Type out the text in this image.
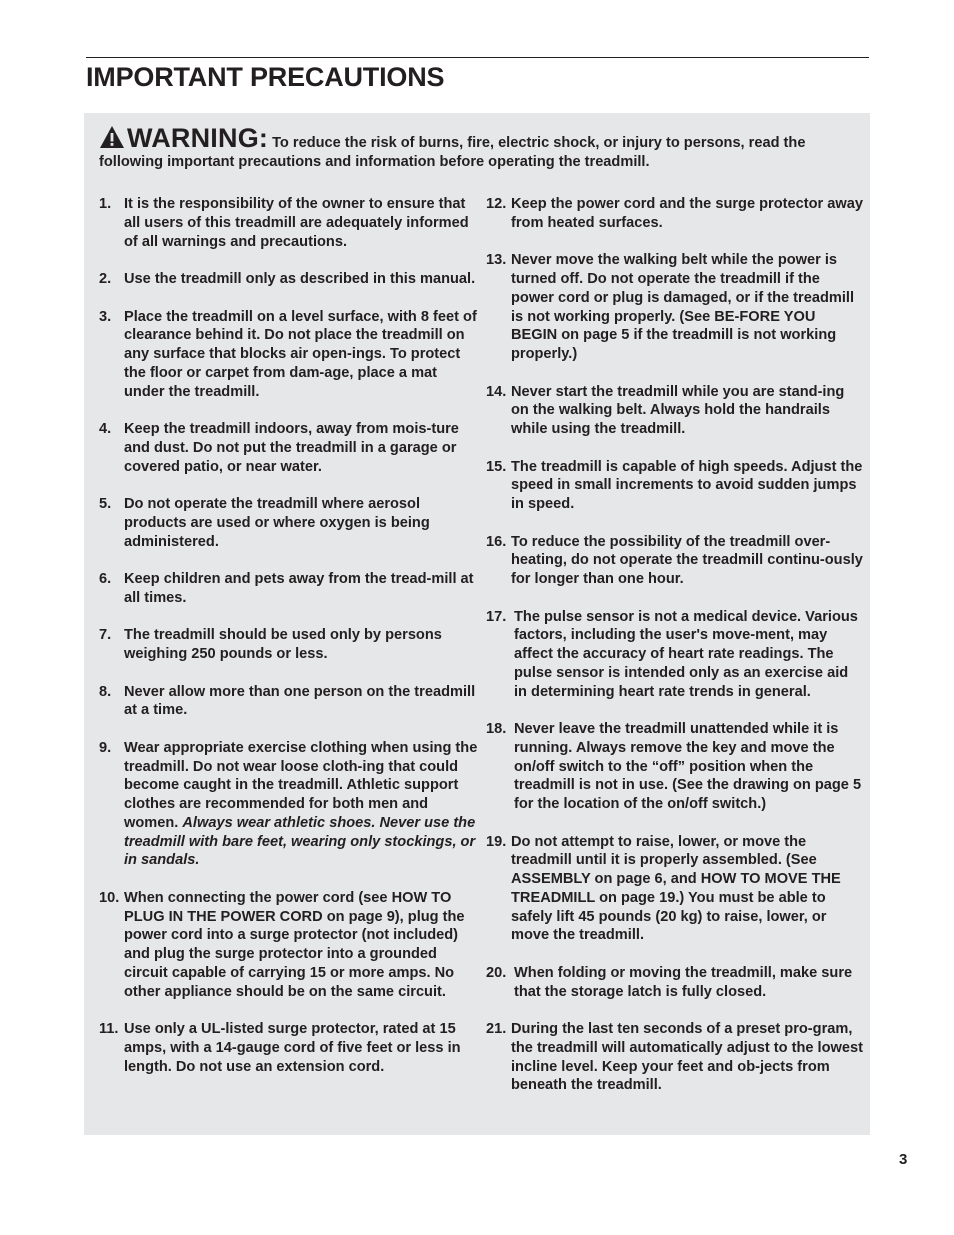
IMPORTANT PRECAUTIONS
WARNING: To reduce the risk of burns, fire, electric shock, or injury to persons, read the following important precautions and information before operating the treadmill.
1. It is the responsibility of the owner to ensure that all users of this treadmill are adequately informed of all warnings and precautions.
2. Use the treadmill only as described in this manual.
3. Place the treadmill on a level surface, with 8 feet of clearance behind it. Do not place the treadmill on any surface that blocks air open-ings. To protect the floor or carpet from dam-age, place a mat under the treadmill.
4. Keep the treadmill indoors, away from mois-ture and dust. Do not put the treadmill in a garage or covered patio, or near water.
5. Do not operate the treadmill where aerosol products are used or where oxygen is being administered.
6. Keep children and pets away from the tread-mill at all times.
7. The treadmill should be used only by persons weighing 250 pounds or less.
8. Never allow more than one person on the treadmill at a time.
9. Wear appropriate exercise clothing when using the treadmill. Do not wear loose cloth-ing that could become caught in the treadmill. Athletic support clothes are recommended for both men and women. Always wear athletic shoes. Never use the treadmill with bare feet, wearing only stockings, or in sandals.
10. When connecting the power cord (see HOW TO PLUG IN THE POWER CORD on page 9), plug the power cord into a surge protector (not included) and plug the surge protector into a grounded circuit capable of carrying 15 or more amps. No other appliance should be on the same circuit.
11. Use only a UL-listed surge protector, rated at 15 amps, with a 14-gauge cord of five feet or less in length. Do not use an extension cord.
12. Keep the power cord and the surge protector away from heated surfaces.
13. Never move the walking belt while the power is turned off. Do not operate the treadmill if the power cord or plug is damaged, or if the treadmill is not working properly. (See BE-FORE YOU BEGIN on page 5 if the treadmill is not working properly.)
14. Never start the treadmill while you are stand-ing on the walking belt. Always hold the handrails while using the treadmill.
15. The treadmill is capable of high speeds. Adjust the speed in small increments to avoid sudden jumps in speed.
16. To reduce the possibility of the treadmill over-heating, do not operate the treadmill continu-ously for longer than one hour.
17. The pulse sensor is not a medical device. Various factors, including the user's move-ment, may affect the accuracy of heart rate readings. The pulse sensor is intended only as an exercise aid in determining heart rate trends in general.
18. Never leave the treadmill unattended while it is running. Always remove the key and move the on/off switch to the “off” position when the treadmill is not in use. (See the drawing on page 5 for the location of the on/off switch.)
19. Do not attempt to raise, lower, or move the treadmill until it is properly assembled. (See ASSEMBLY on page 6, and HOW TO MOVE THE TREADMILL on page 19.) You must be able to safely lift 45 pounds (20 kg) to raise, lower, or move the treadmill.
20. When folding or moving the treadmill, make sure that the storage latch is fully closed.
21. During the last ten seconds of a preset pro-gram, the treadmill will automatically adjust to the lowest incline level. Keep your feet and ob-jects from beneath the treadmill.
3
